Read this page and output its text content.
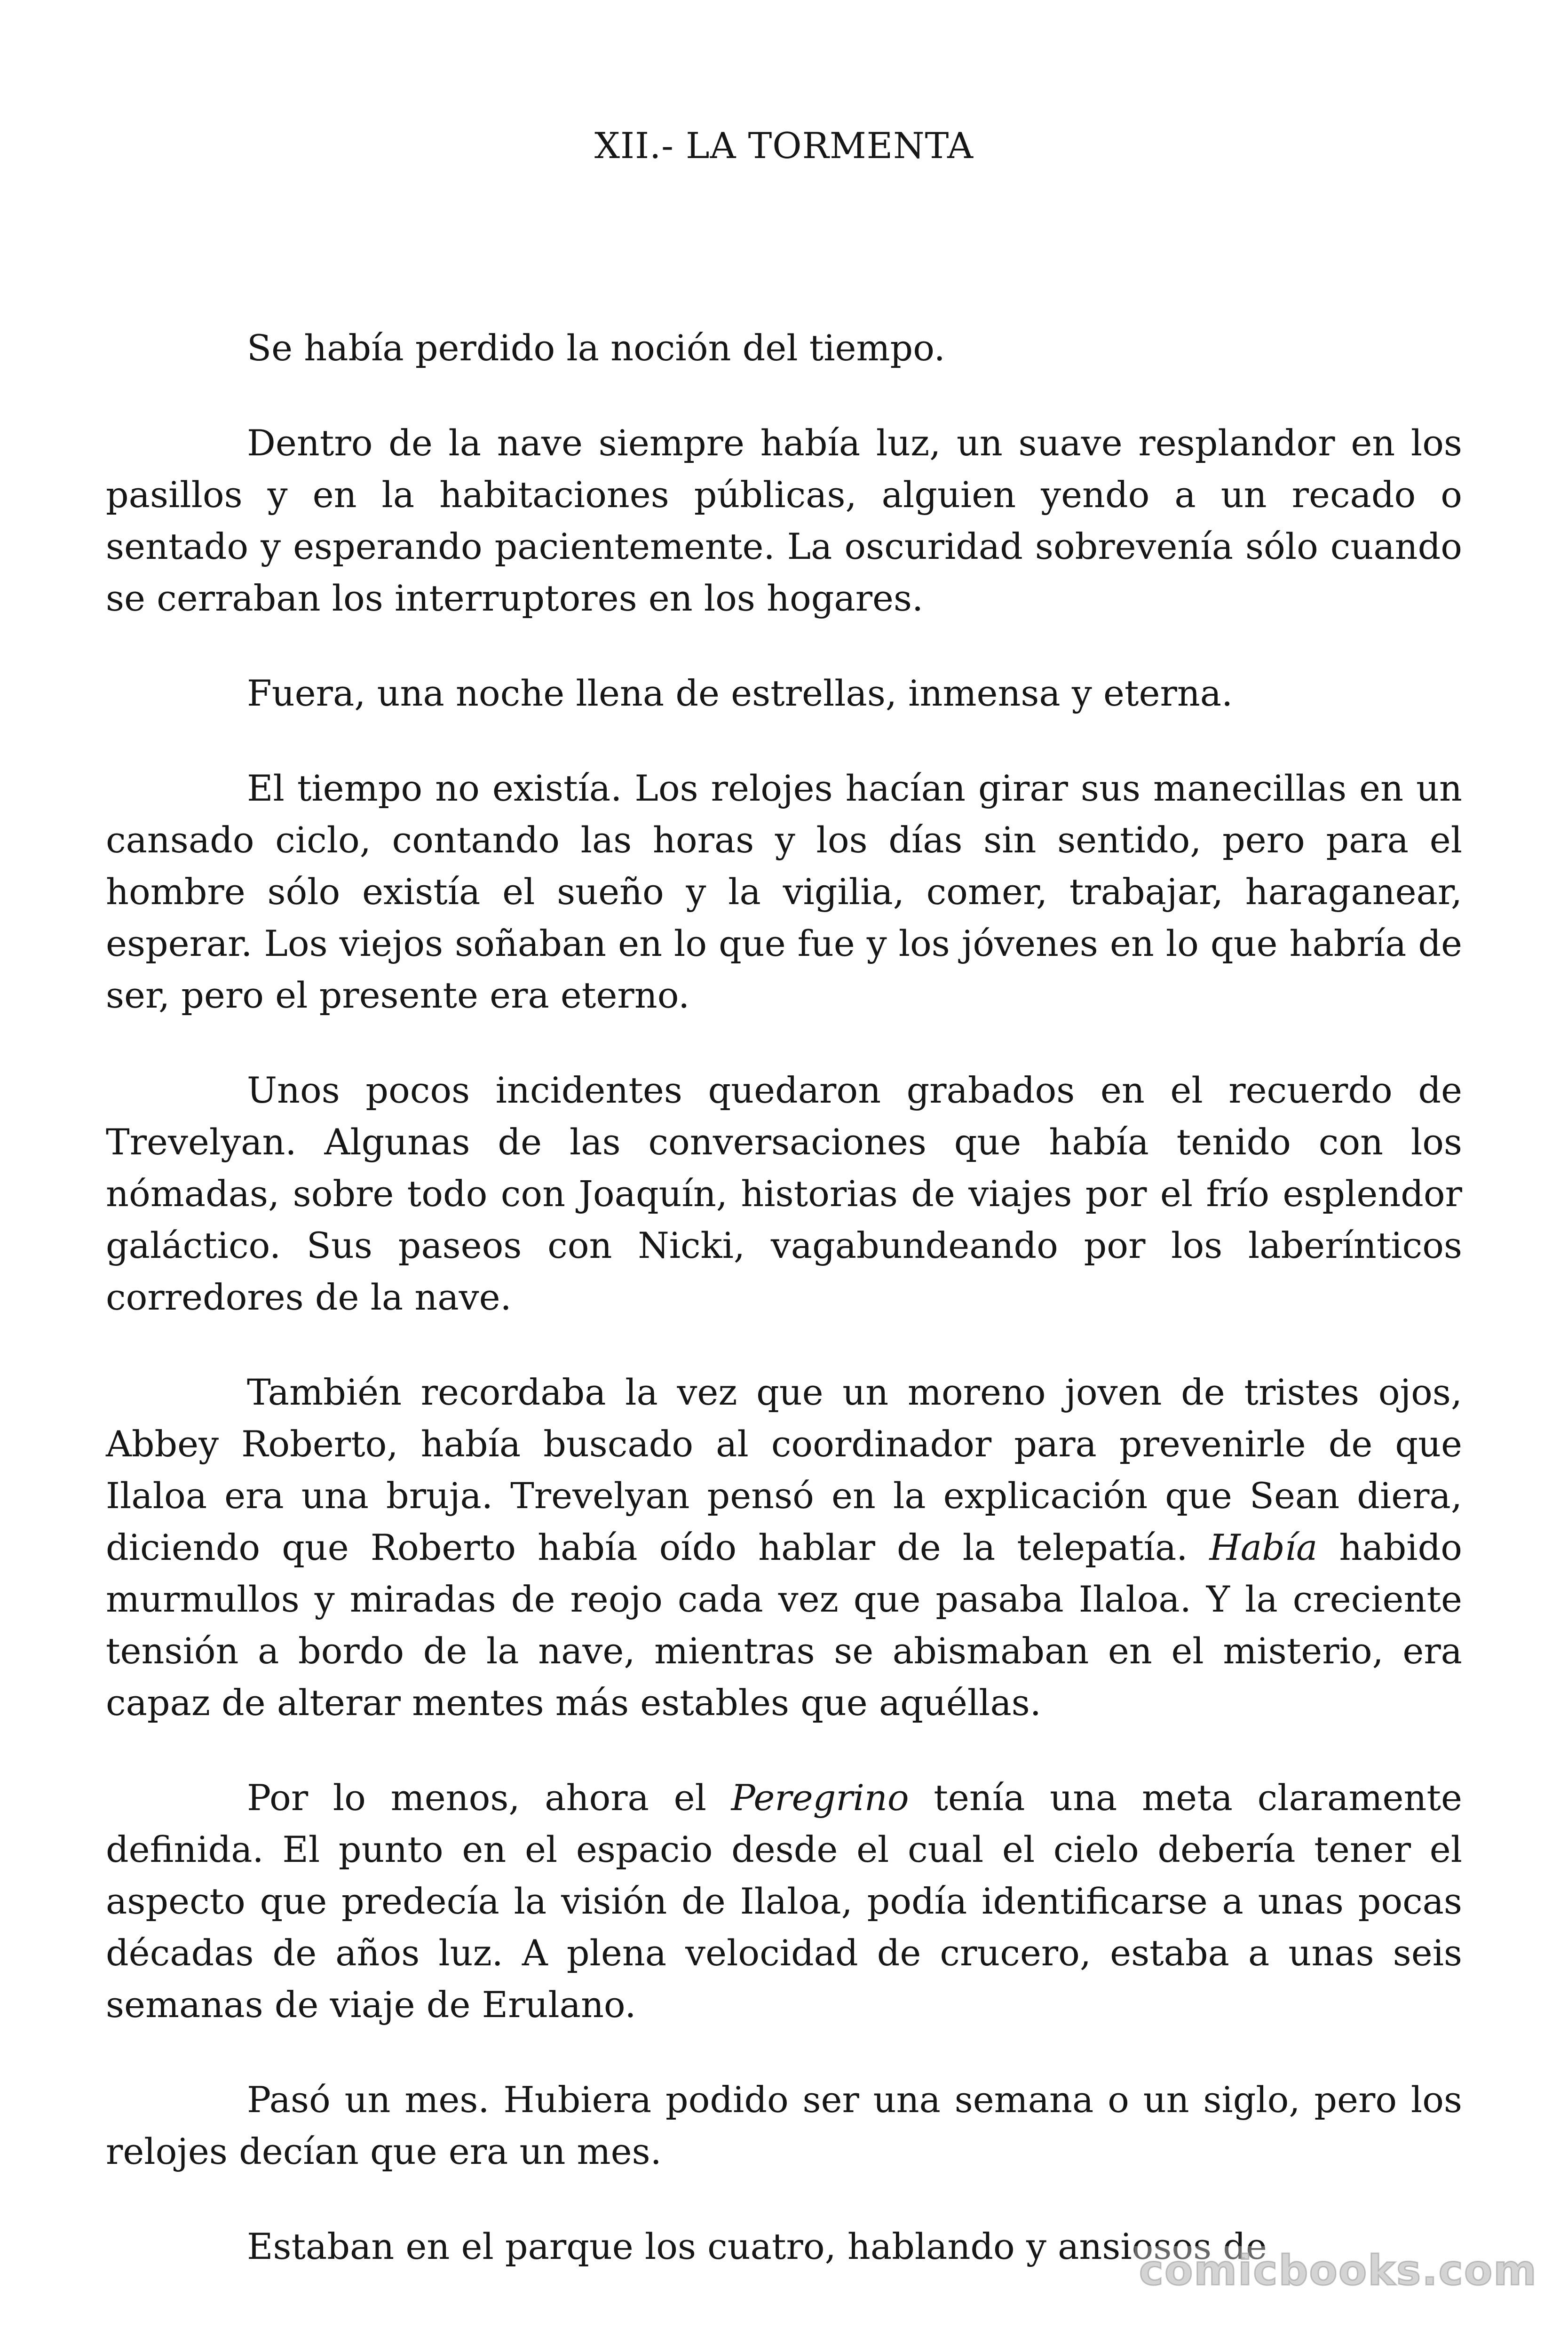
XII.- LA TORMENTA

Se había perdido la noción del tiempo.

Dentro de la nave siempre había luz, un suave resplandor en los pasillos y en la habitaciones públicas, alguien yendo a un recado o sentado y esperando pacientemente. La oscuridad sobrevenía sólo cuando se cerraban los interruptores en los hogares.

Fuera, una noche llena de estrellas, inmensa y eterna.

El tiempo no existía. Los relojes hacían girar sus manecillas en un cansado ciclo, contando las horas y los días sin sentido, pero para el hombre sólo existía el sueño y la vigilia, comer, trabajar, haraganear, esperar. Los viejos soñaban en lo que fue y los jóvenes en lo que habría de ser, pero el presente era eterno.

Unos pocos incidentes quedaron grabados en el recuerdo de Trevelyan. Algunas de las conversaciones que había tenido con los nómadas, sobre todo con Joaquín, historias de viajes por el frío esplendor galáctico. Sus paseos con Nicki, vagabundeando por los laberínticos corredores de la nave.

También recordaba la vez que un moreno joven de tristes ojos, Abbey Roberto, había buscado al coordinador para prevenirle de que Ilaloa era una bruja. Trevelyan pensó en la explicación que Sean diera, diciendo que Roberto había oído hablar de la telepatía. Había habido murmullos y miradas de reojo cada vez que pasaba Ilaloa. Y la creciente tensión a bordo de la nave, mientras se abismaban en el misterio, era capaz de alterar mentes más estables que aquéllas.

Por lo menos, ahora el Peregrino tenía una meta claramente definida. El punto en el espacio desde el cual el cielo debería tener el aspecto que predecía la visión de Ilaloa, podía identificarse a unas pocas décadas de años luz. A plena velocidad de crucero, estaba a unas seis semanas de viaje de Erulano.

Pasó un mes. Hubiera podido ser una semana o un siglo, pero los relojes decían que era un mes.

Estaban en el parque los cuatro, hablando y ansiosos de

comicbooks.com
